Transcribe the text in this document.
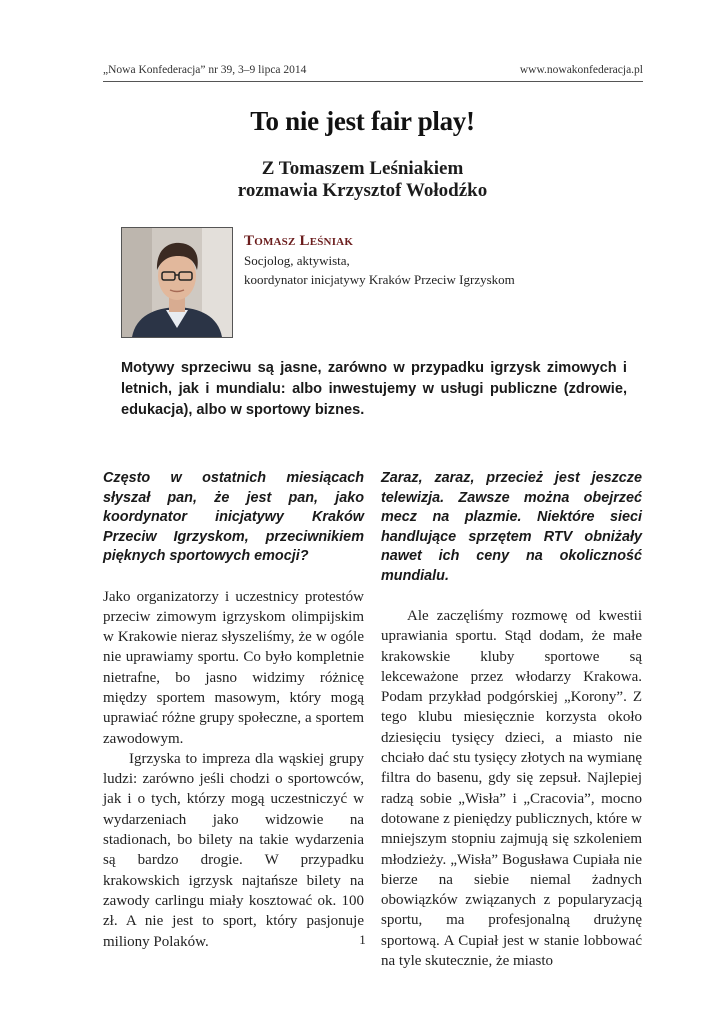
„Nowa Konfederacja” nr 39, 3–9 lipca 2014	www.nowakonfederacja.pl
To nie jest fair play!
Z Tomaszem Leśniakiem
rozmawia Krzysztof Wołodźko
Tomasz Leśniak
Socjolog, aktywista,
koordynator inicjatywy Kraków Przeciw Igrzyskom
Motywy sprzeciwu są jasne, zarówno w przypadku igrzysk zimowych i letnich, jak i mundialu: albo inwestujemy w usługi publiczne (zdrowie, edukacja), albo w sportowy biznes.

Często w ostatnich miesiącach słyszał pan, że jest pan, jako koordynator inicjatywy Kraków Przeciw Igrzyskom, przeciwnikiem pięknych sportowych emocji?

Jako organizatorzy i uczestnicy protestów przeciw zimowym igrzyskom olimpijskim w Krakowie nieraz słyszeliśmy, że w ogóle nie uprawiamy sportu. Co było kompletnie nietrafne, bo jasno widzimy różnicę między sportem masowym, który mogą uprawiać różne grupy społeczne, a sportem zawodowym.

Igrzyska to impreza dla wąskiej grupy ludzi: zarówno jeśli chodzi o sportowców, jak i o tych, którzy mogą uczestniczyć w wydarzeniach jako widzowie na stadionach, bo bilety na takie wydarzenia są bardzo drogie. W przypadku krakowskich igrzysk najtańsze bilety na zawody carlingu miały kosztować ok. 100 zł. A nie jest to sport, który pasjonuje miliony Polaków.

Zaraz, zaraz, przecież jest jeszcze telewizja. Zawsze można obejrzeć mecz na plazmie. Niektóre sieci handlujące sprzętem RTV obniżały nawet ich ceny na okoliczność mundialu.

Ale zaczęliśmy rozmowę od kwestii uprawiania sportu. Stąd dodam, że małe krakowskie kluby sportowe są lekceważone przez włodarzy Krakowa. Podam przykład podgórskiej „Korony”. Z tego klubu miesięcznie korzysta około dziesięciu tysięcy dzieci, a miasto nie chciało dać stu tysięcy złotych na wymianę filtra do basenu, gdy się zepsuł. Najlepiej radzą sobie „Wisła” i „Cracovia”, mocno dotowane z pieniędzy publicznych, które w mniejszym stopniu zajmują się szkoleniem młodzieży. „Wisła” Bogusława Cupiała nie bierze na siebie niemal żadnych obowiązków związanych z popularyzacją sportu, ma profesjonalną drużynę sportową. A Cupiał jest w stanie lobbować na tyle skutecznie, że miasto

1
